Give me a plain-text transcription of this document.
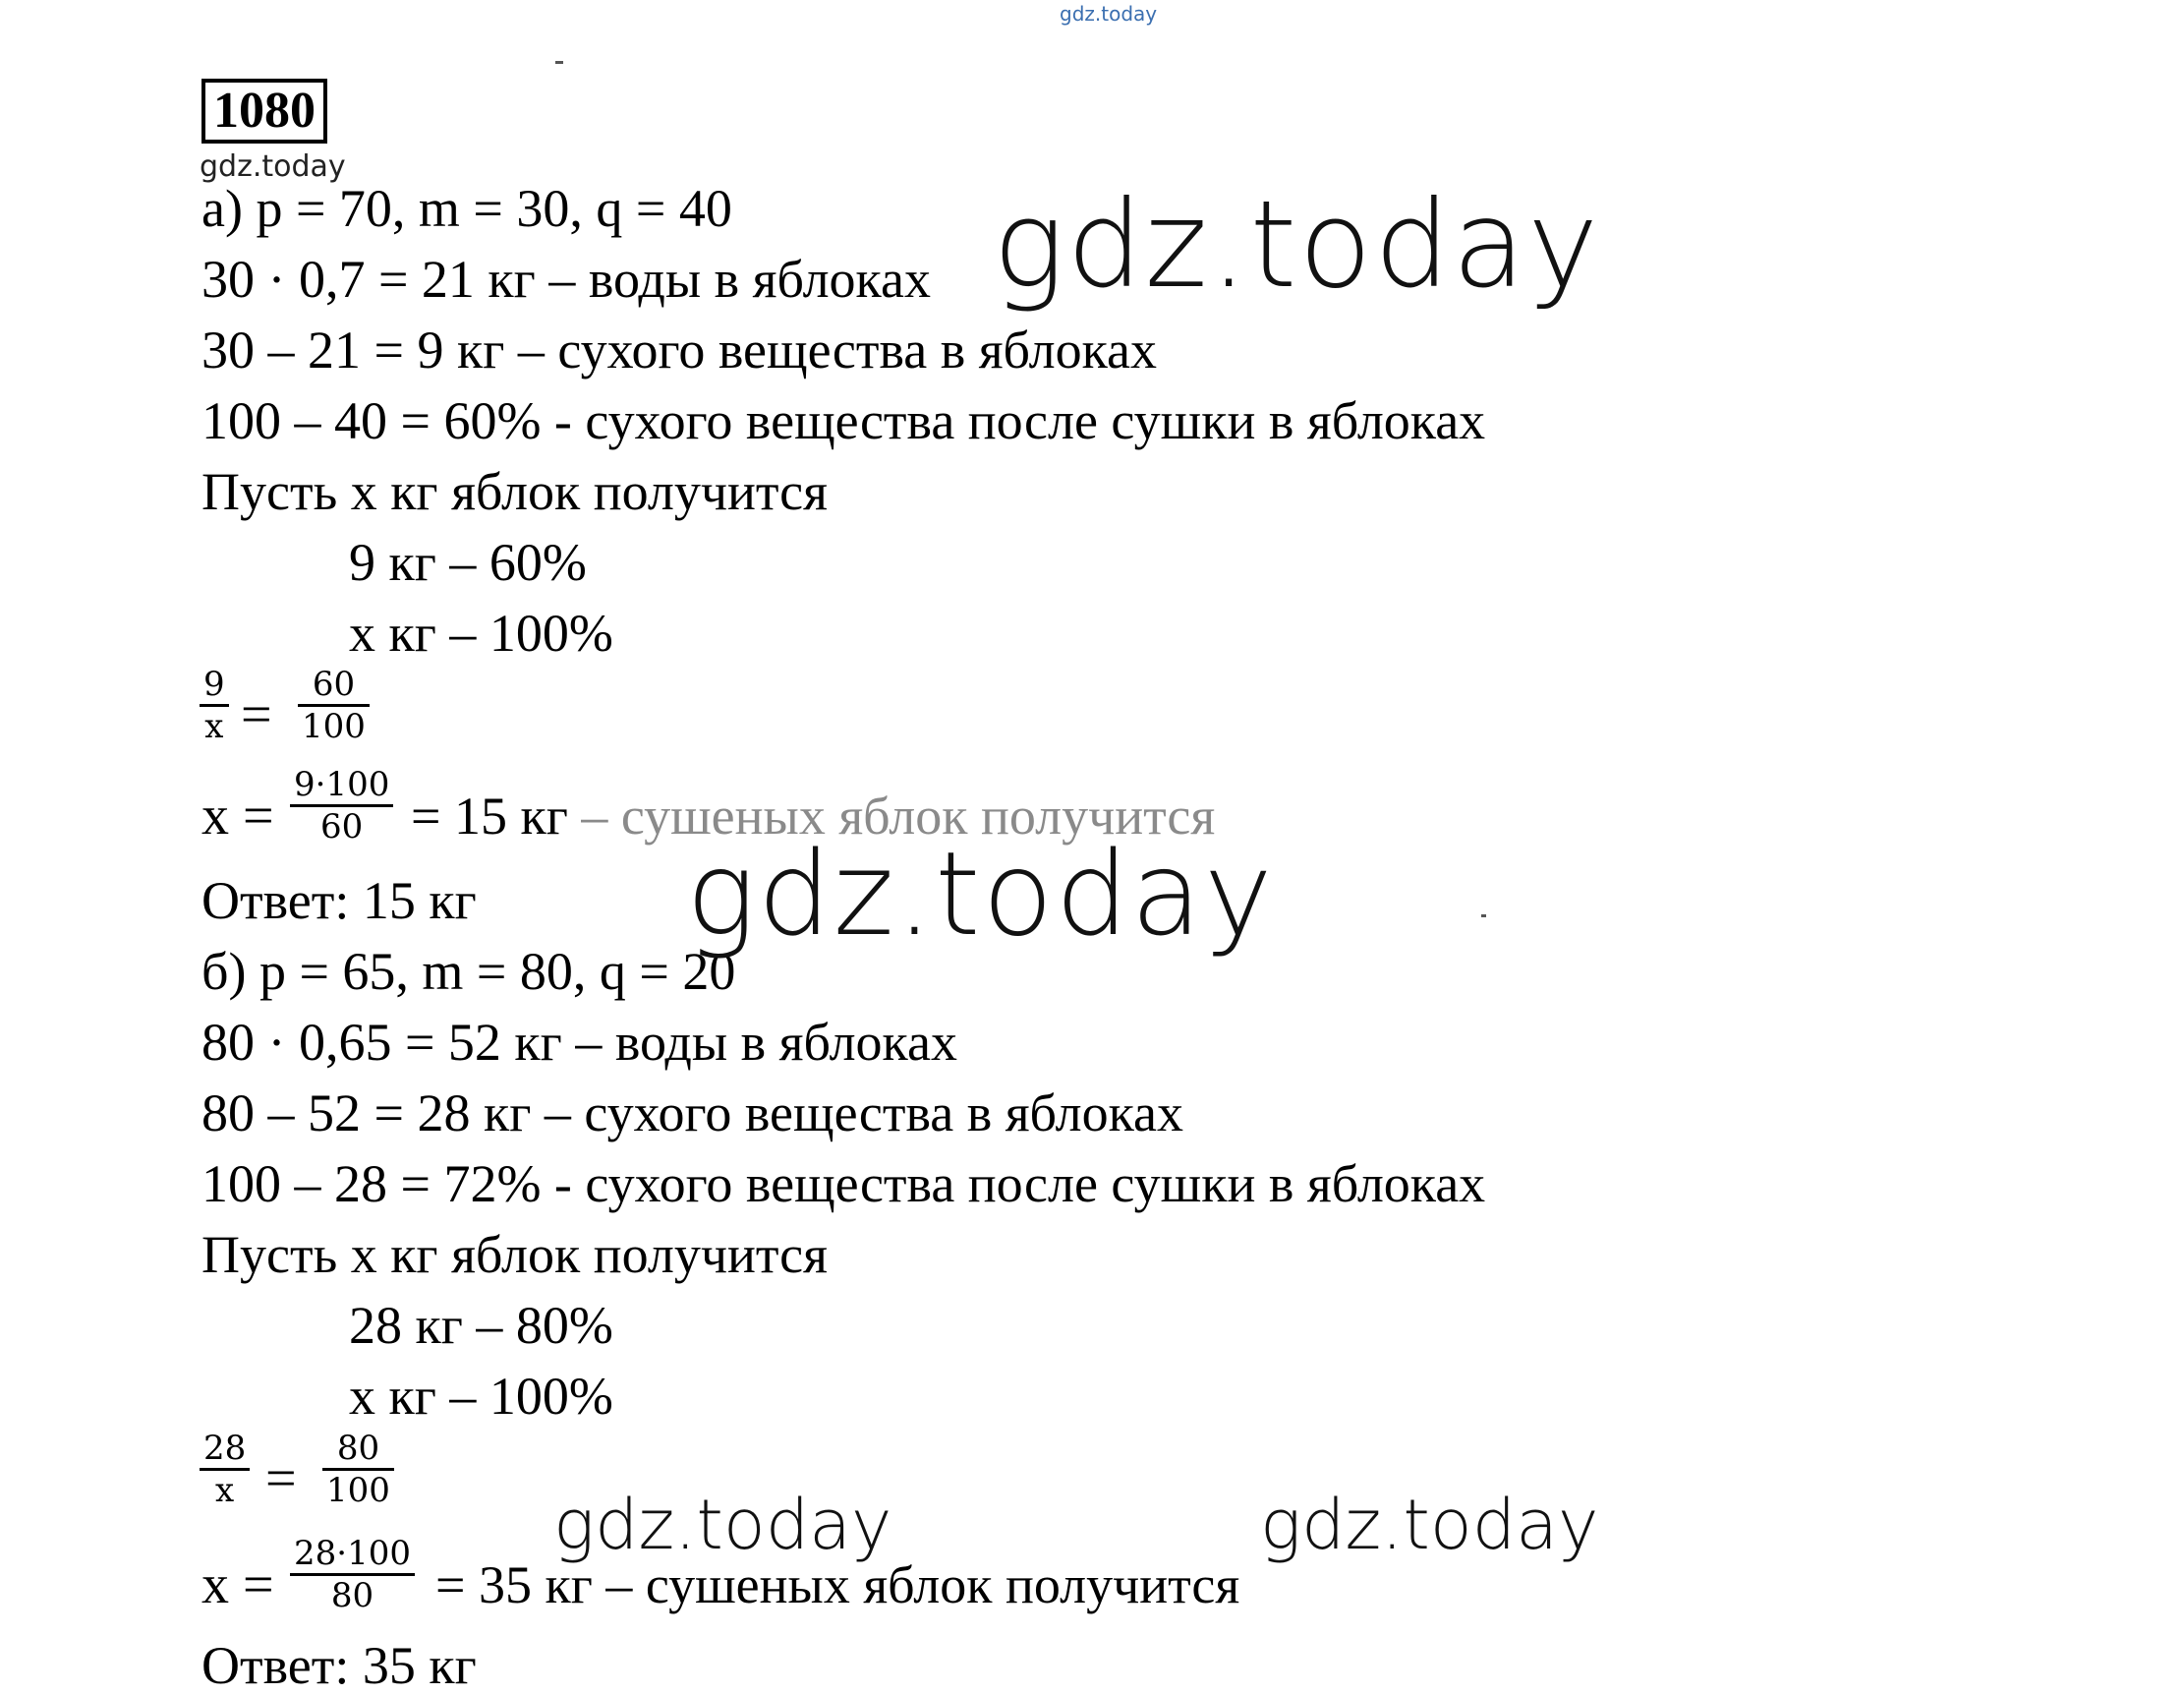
gdz.today
1080
gdz.today
а) p = 70, m = 30, q = 40
30 · 0,7 = 21 кг – воды в яблоках
30 – 21 = 9 кг – сухого вещества в яблоках
100 – 40 = 60% - сухого вещества после сушки в яблоках
Пусть x кг яблок получится
9 кг – 60%
x кг – 100%
9
x = 60
100
x =
9·100
60 = 15 кг – сушеных яблок получится
Ответ: 15 кг
б) p = 65, m = 80, q = 20
80 · 0,65 = 52 кг – воды в яблоках
80 – 52 = 28 кг – сухого вещества в яблоках
100 – 28 = 72% - сухого вещества после сушки в яблоках
Пусть x кг яблок получится
28 кг – 80%
x кг – 100%
28
x = 80
100
x =
28·100
80 = 35 кг – сушеных яблок получится
Ответ: 35 кг
gdz.today
gdz.today
gdz.today	gdz.today
